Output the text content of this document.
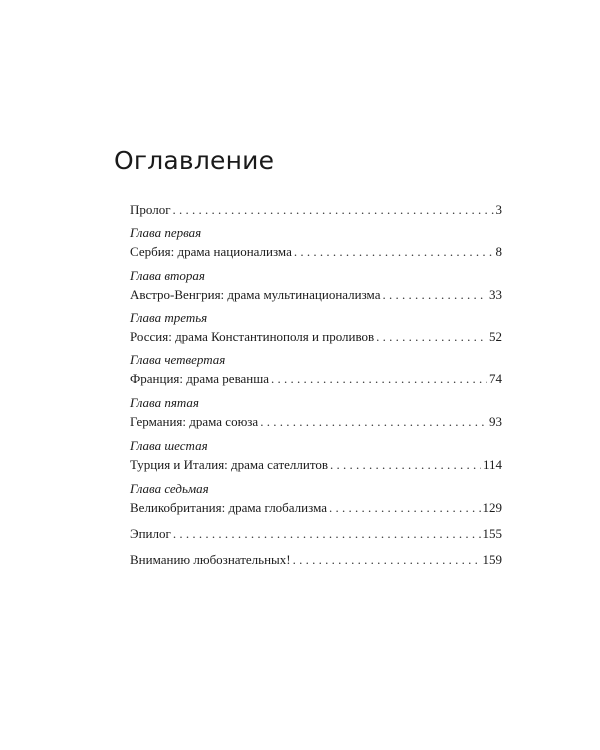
Оглавление
Пролог . . .	3
Глава первая
Сербия: драма национализма . . .	8
Глава вторая
Австро-Венгрия: драма мультинационализма . . .	33
Глава третья
Россия: драма Константинополя и проливов . . .	52
Глава четвертая
Франция: драма реванша . . .	74
Глава пятая
Германия: драма союза . . .	93
Глава шестая
Турция и Италия: драма сателлитов . . .	114
Глава седьмая
Великобритания: драма глобализма . . .	129
Эпилог . . .	155
Вниманию любознательных! . . .	159
